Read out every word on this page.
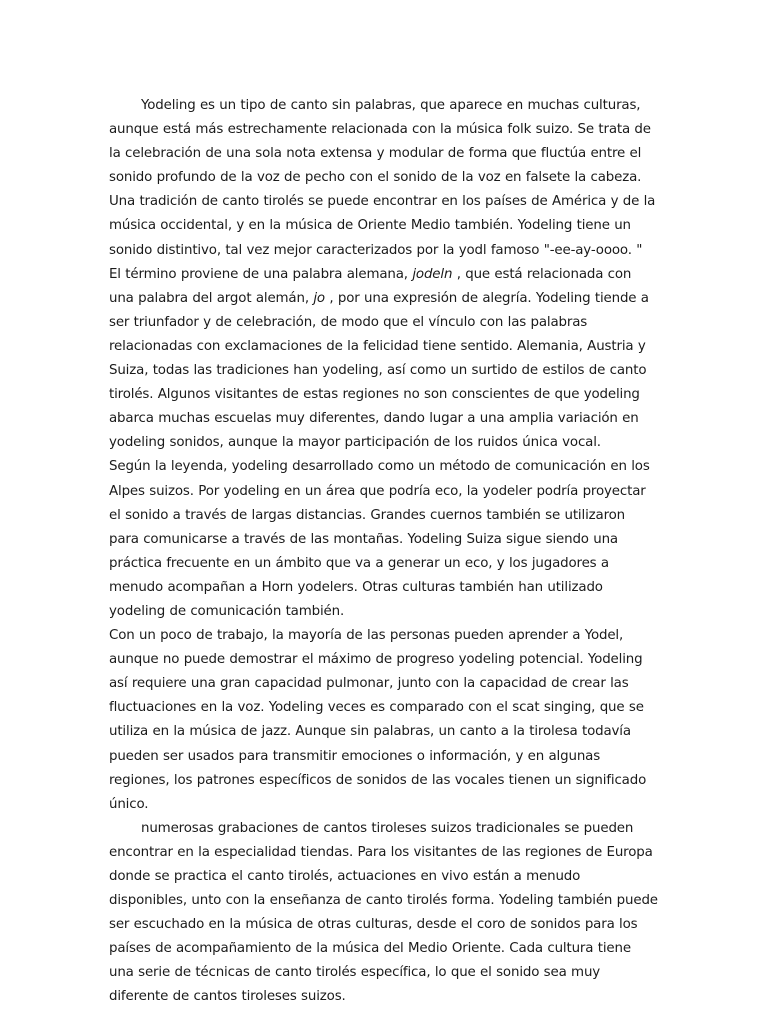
Yodeling es un tipo de canto sin palabras, que aparece en muchas culturas, aunque está más estrechamente relacionada con la música folk suizo. Se trata de la celebración de una sola nota extensa y modular de forma que fluctúa entre el sonido profundo de la voz de pecho con el sonido de la voz en falsete la cabeza. Una tradición de canto tirolés se puede encontrar en los países de América y de la música occidental, y en la música de Oriente Medio también. Yodeling tiene un sonido distintivo, tal vez mejor caracterizados por la yodl famoso "-ee-ay-oooo. "

El término proviene de una palabra alemana, jodeln , que está relacionada con una palabra del argot alemán, jo , por una expresión de alegría. Yodeling tiende a ser triunfador y de celebración, de modo que el vínculo con las palabras relacionadas con exclamaciones de la felicidad tiene sentido. Alemania, Austria y Suiza, todas las tradiciones han yodeling, así como un surtido de estilos de canto tirolés. Algunos visitantes de estas regiones no son conscientes de que yodeling abarca muchas escuelas muy diferentes, dando lugar a una amplia variación en yodeling sonidos, aunque la mayor participación de los ruidos única vocal.

Según la leyenda, yodeling desarrollado como un método de comunicación en los Alpes suizos. Por yodeling en un área que podría eco, la yodeler podría proyectar el sonido a través de largas distancias. Grandes cuernos también se utilizaron para comunicarse a través de las montañas. Yodeling Suiza sigue siendo una práctica frecuente en un ámbito que va a generar un eco, y los jugadores a menudo acompañan a Horn yodelers. Otras culturas también han utilizado yodeling de comunicación también.

Con un poco de trabajo, la mayoría de las personas pueden aprender a Yodel, aunque no puede demostrar el máximo de progreso yodeling potencial. Yodeling así requiere una gran capacidad pulmonar, junto con la capacidad de crear las fluctuaciones en la voz. Yodeling veces es comparado con el scat singing, que se utiliza en la música de jazz. Aunque sin palabras, un canto a la tirolesa todavía pueden ser usados para transmitir emociones o información, y en algunas regiones, los patrones específicos de sonidos de las vocales tienen un significado único.

numerosas grabaciones de cantos tiroleses suizos tradicionales se pueden encontrar en la especialidad tiendas. Para los visitantes de las regiones de Europa donde se practica el canto tirolés, actuaciones en vivo están a menudo disponibles, unto con la enseñanza de canto tirolés forma. Yodeling también puede ser escuchado en la música de otras culturas, desde el coro de sonidos para los países de acompañamiento de la música del Medio Oriente. Cada cultura tiene una serie de técnicas de canto tirolés específica, lo que el sonido sea muy diferente de cantos tiroleses suizos.
